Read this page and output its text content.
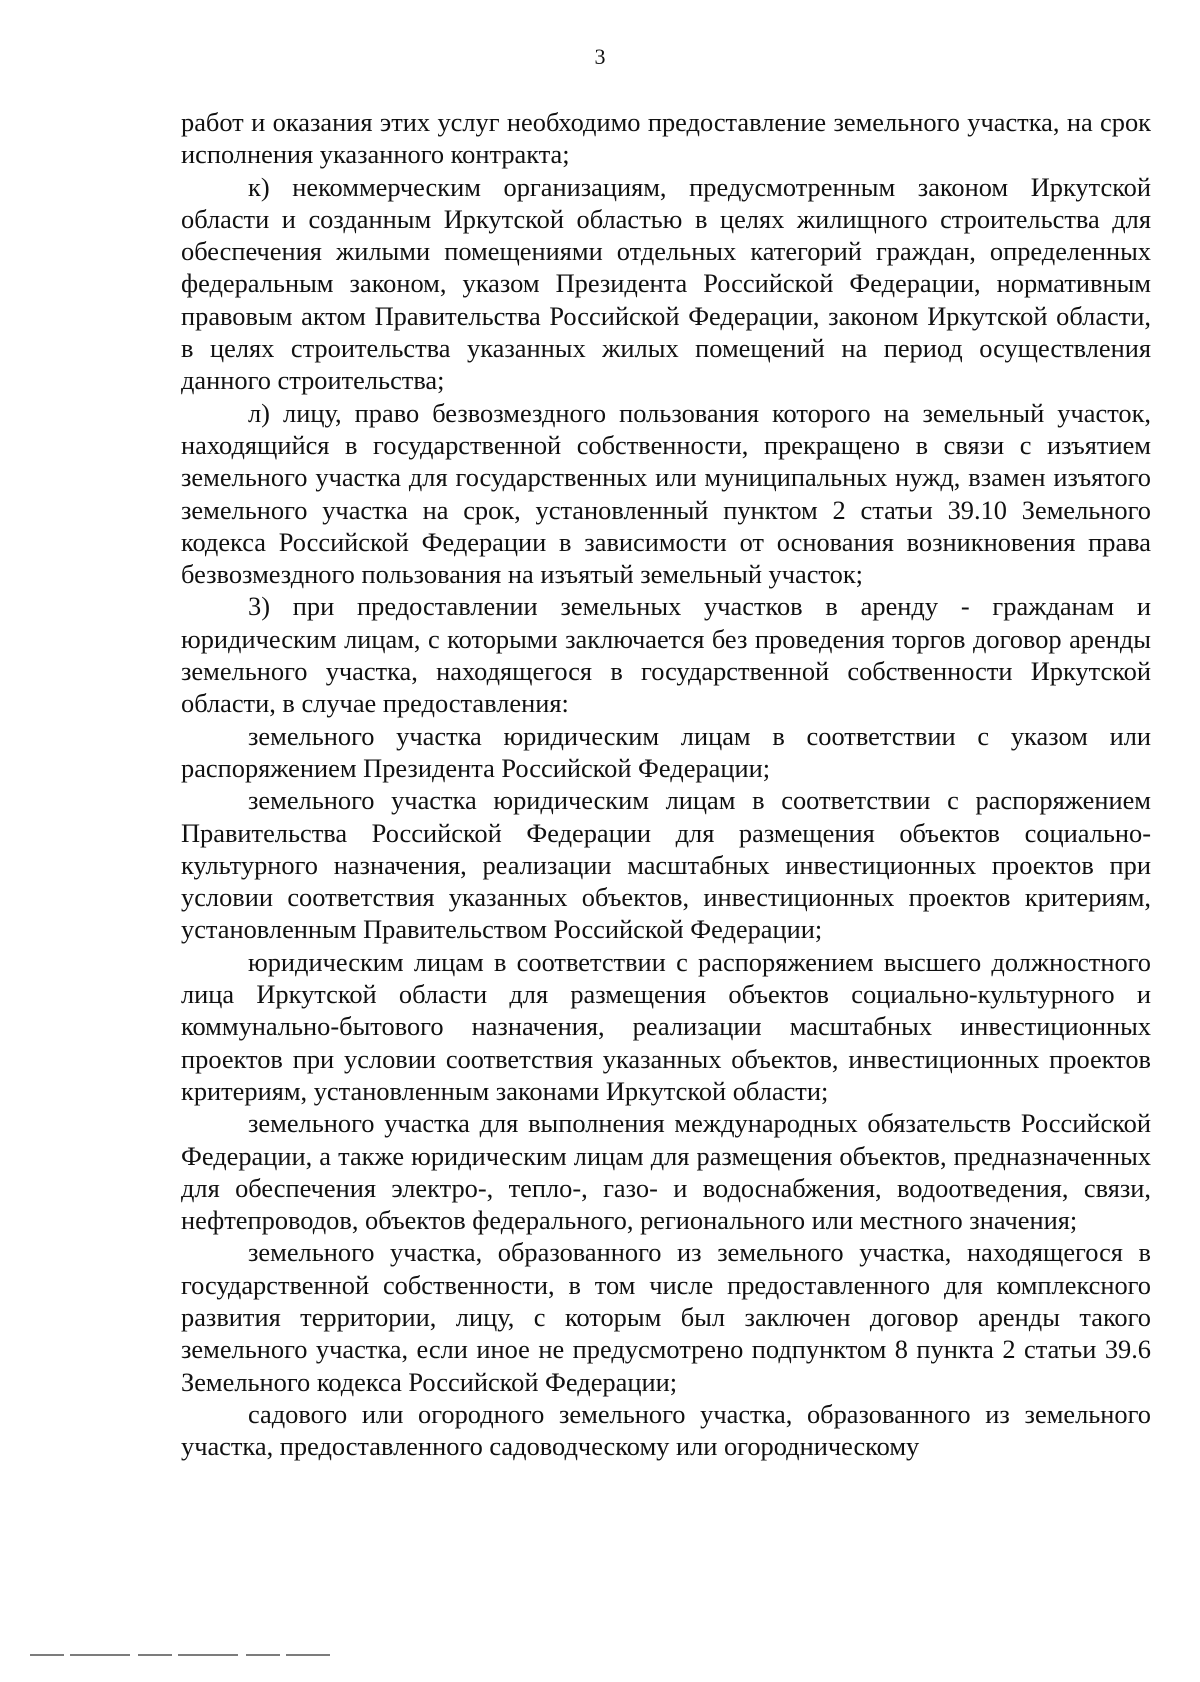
3

работ и оказания этих услуг необходимо предоставление земельного участка, на срок исполнения указанного контракта;

к) некоммерческим организациям, предусмотренным законом Иркутской области и созданным Иркутской областью в целях жилищного строительства для обеспечения жилыми помещениями отдельных категорий граждан, определенных федеральным законом, указом Президента Российской Федерации, нормативным правовым актом Правительства Российской Федерации, законом Иркутской области, в целях строительства указанных жилых помещений на период осуществления данного строительства;

л) лицу, право безвозмездного пользования которого на земельный участок, находящийся в государственной собственности, прекращено в связи с изъятием земельного участка для государственных или муниципальных нужд, взамен изъятого земельного участка на срок, установленный пунктом 2 статьи 39.10 Земельного кодекса Российской Федерации в зависимости от основания возникновения права безвозмездного пользования на изъятый земельный участок;

3) при предоставлении земельных участков в аренду - гражданам и юридическим лицам, с которыми заключается без проведения торгов договор аренды земельного участка, находящегося в государственной собственности Иркутской области, в случае предоставления:

земельного участка юридическим лицам в соответствии с указом или распоряжением Президента Российской Федерации;

земельного участка юридическим лицам в соответствии с распоряжением Правительства Российской Федерации для размещения объектов социально-культурного назначения, реализации масштабных инвестиционных проектов при условии соответствия указанных объектов, инвестиционных проектов критериям, установленным Правительством Российской Федерации;

юридическим лицам в соответствии с распоряжением высшего должностного лица Иркутской области для размещения объектов социально-культурного и коммунально-бытового назначения, реализации масштабных инвестиционных проектов при условии соответствия указанных объектов, инвестиционных проектов критериям, установленным законами Иркутской области;

земельного участка для выполнения международных обязательств Российской Федерации, а также юридическим лицам для размещения объектов, предназначенных для обеспечения электро-, тепло-, газо- и водоснабжения, водоотведения, связи, нефтепроводов, объектов федерального, регионального или местного значения;

земельного участка, образованного из земельного участка, находящегося в государственной собственности, в том числе предоставленного для комплексного развития территории, лицу, с которым был заключен договор аренды такого земельного участка, если иное не предусмотрено подпунктом 8 пункта 2 статьи 39.6 Земельного кодекса Российской Федерации;

садового или огородного земельного участка, образованного из земельного участка, предоставленного садоводческому или огородническому
